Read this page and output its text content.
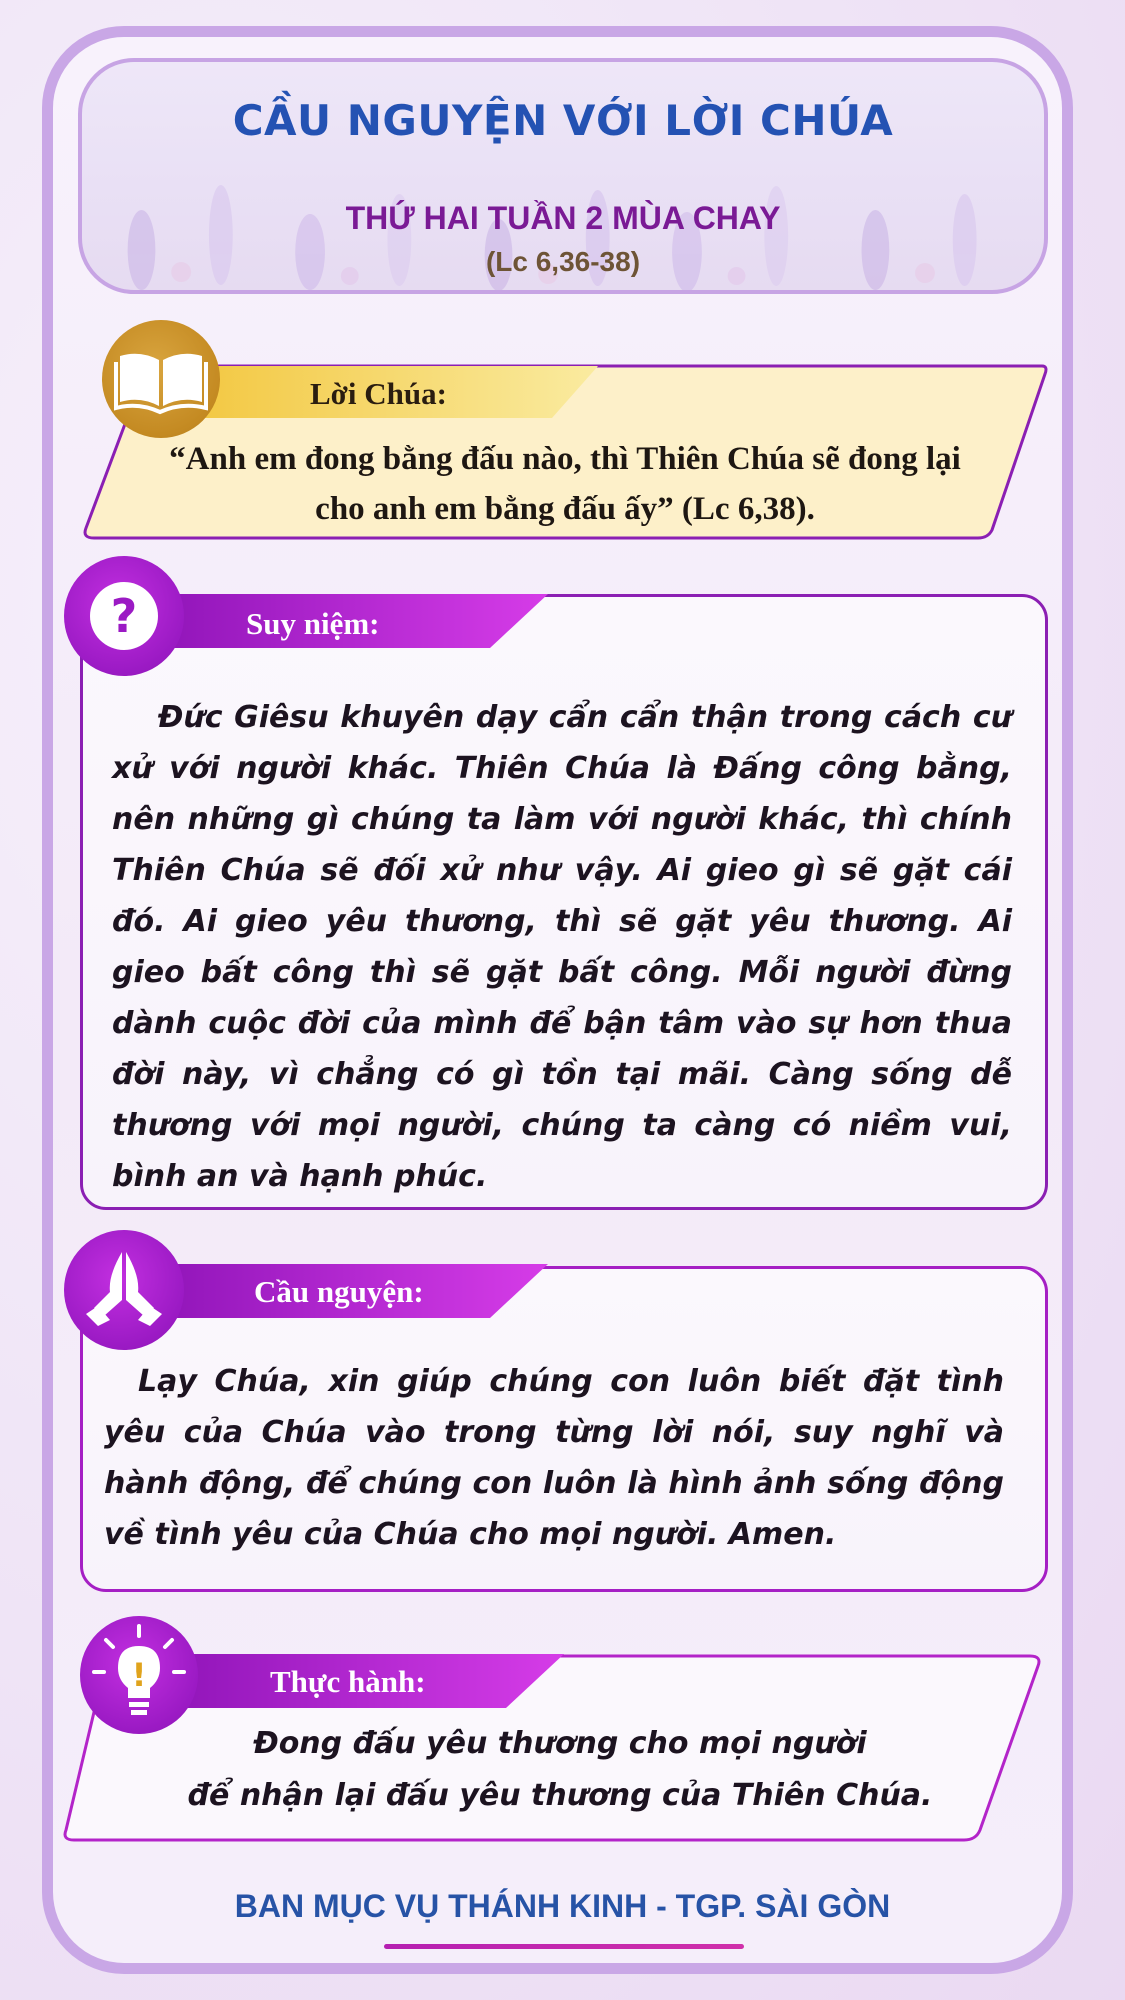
CẦU NGUYỆN VỚI LỜI CHÚA
THỨ HAI TUẦN 2 MÙA CHAY
(Lc 6,36-38)
Lời Chúa:
“Anh em đong bằng đấu nào, thì Thiên Chúa sẽ đong lại
cho anh em bằng đấu ấy” (Lc 6,38).
Suy niệm:
?
Đức Giêsu khuyên dạy cẩn cẩn thận trong cách cư xử với người khác. Thiên Chúa là Đấng công bằng, nên những gì chúng ta làm với người khác, thì chính Thiên Chúa sẽ đối xử như vậy. Ai gieo gì sẽ gặt cái đó. Ai gieo yêu thương, thì sẽ gặt yêu thương. Ai gieo bất công thì sẽ gặt bất công. Mỗi người đừng dành cuộc đời của mình để bận tâm vào sự hơn thua đời này, vì chẳng có gì tồn tại mãi. Càng sống dễ thương với mọi người, chúng ta càng có niềm vui, bình an và hạnh phúc.
Cầu nguyện:
Lạy Chúa, xin giúp chúng con luôn biết đặt tình yêu của Chúa vào trong từng lời nói, suy nghĩ và hành động, để chúng con luôn là hình ảnh sống động về tình yêu của Chúa cho mọi người. Amen.
Thực hành:
!
Đong đấu yêu thương cho mọi người
để nhận lại đấu yêu thương của Thiên Chúa.
BAN MỤC VỤ THÁNH KINH - TGP. SÀI GÒN
